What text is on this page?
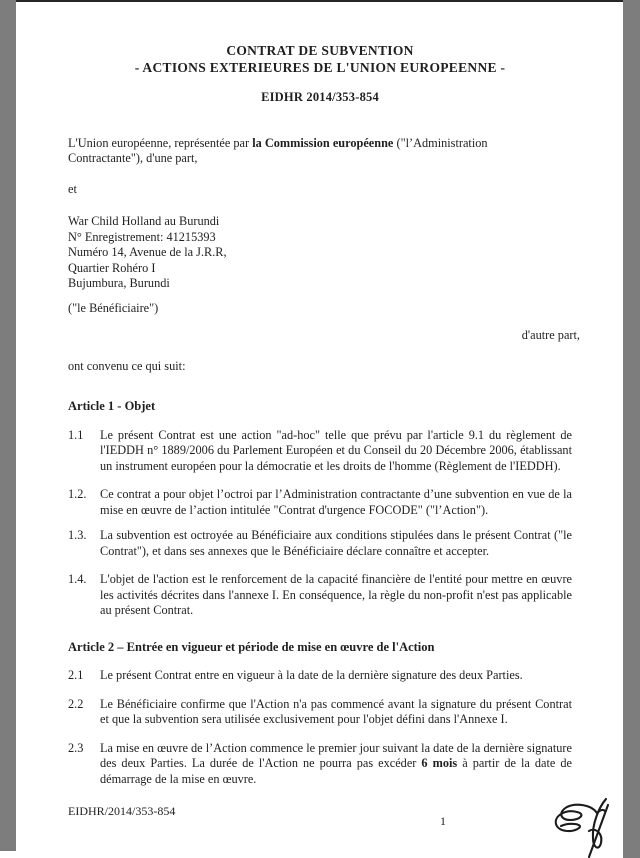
CONTRAT DE SUBVENTION
- ACTIONS EXTERIEURES DE L'UNION EUROPEENNE -
EIDHR 2014/353-854

L'Union européenne, représentée par la Commission européenne ("l’Administration Contractante"), d'une part,

et

War Child Holland au Burundi
N° Enregistrement: 41215393
Numéro 14, Avenue de la J.R.R,
Quartier Rohéro I
Bujumbura, Burundi

("le Bénéficiaire")

d'autre part,

ont convenu ce qui suit:

Article 1 - Objet
1.1	Le présent Contrat est une action "ad-hoc" telle que prévu par l'article 9.1 du règlement de l'IEDDH n° 1889/2006 du Parlement Européen et du Conseil du 20 Décembre 2006, établissant un instrument européen pour la démocratie et les droits de l'homme (Règlement de l'IEDDH).
1.2.	Ce contrat a pour objet l’octroi par l’Administration contractante d’une subvention en vue de la mise en œuvre de l’action intitulée "Contrat d'urgence FOCODE" ("l’Action").
1.3.	La subvention est octroyée au Bénéficiaire aux conditions stipulées dans le présent Contrat ("le Contrat"), et dans ses annexes que le Bénéficiaire déclare connaître et accepter.
1.4.	L'objet de l'action est le renforcement de la capacité financière de l'entité pour mettre en œuvre les activités décrites dans l'annexe I. En conséquence, la règle du non-profit n'est pas applicable au présent Contrat.
Article 2 – Entrée en vigueur et période de mise en œuvre de l'Action
2.1	Le présent Contrat entre en vigueur à la date de la dernière signature des deux Parties.
2.2	Le Bénéficiaire confirme que l'Action n'a pas commencé avant la signature du présent Contrat et que la subvention sera utilisée exclusivement pour l'objet défini dans l'Annexe I.
2.3	La mise en œuvre de l’Action commence le premier jour suivant la date de la dernière signature des deux Parties. La durée de l'Action ne pourra pas excéder 6 mois à partir de la date de démarrage de la mise en œuvre.
EIDHR/2014/353-854
1
